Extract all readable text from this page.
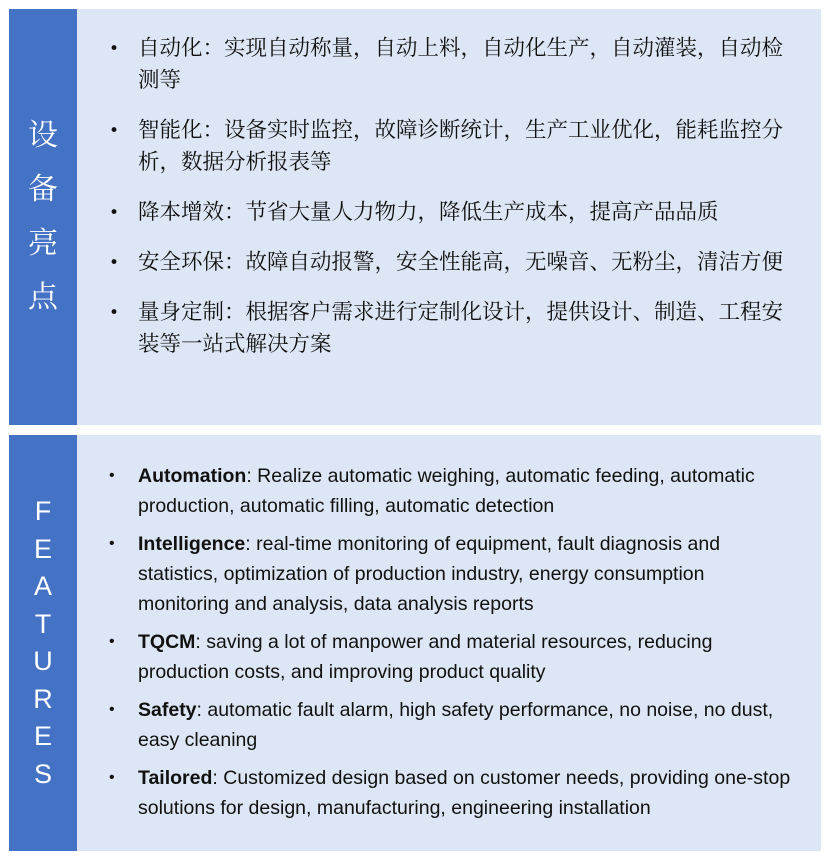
设
备
亮
点
• 自动化：实现自动称量，自动上料，自动化生产，自动灌装，自动检测等
• 智能化：设备实时监控，故障诊断统计，生产工业优化，能耗监控分析，数据分析报表等
• 降本增效：节省大量人力物力，降低生产成本，提高产品品质
• 安全环保：故障自动报警，安全性能高，无噪音、无粉尘，清洁方便
• 量身定制：根据客户需求进行定制化设计，提供设计、制造、工程安装等一站式解决方案
F
E
A
T
U
R
E
S
• Automation: Realize automatic weighing, automatic feeding, automatic production, automatic filling, automatic detection
• Intelligence: real-time monitoring of equipment, fault diagnosis and statistics, optimization of production industry, energy consumption monitoring and analysis, data analysis reports
• TQCM: saving a lot of manpower and material resources, reducing production costs, and improving product quality
• Safety: automatic fault alarm, high safety performance, no noise, no dust, easy cleaning
• Tailored: Customized design based on customer needs, providing one-stop solutions for design, manufacturing, engineering installation
